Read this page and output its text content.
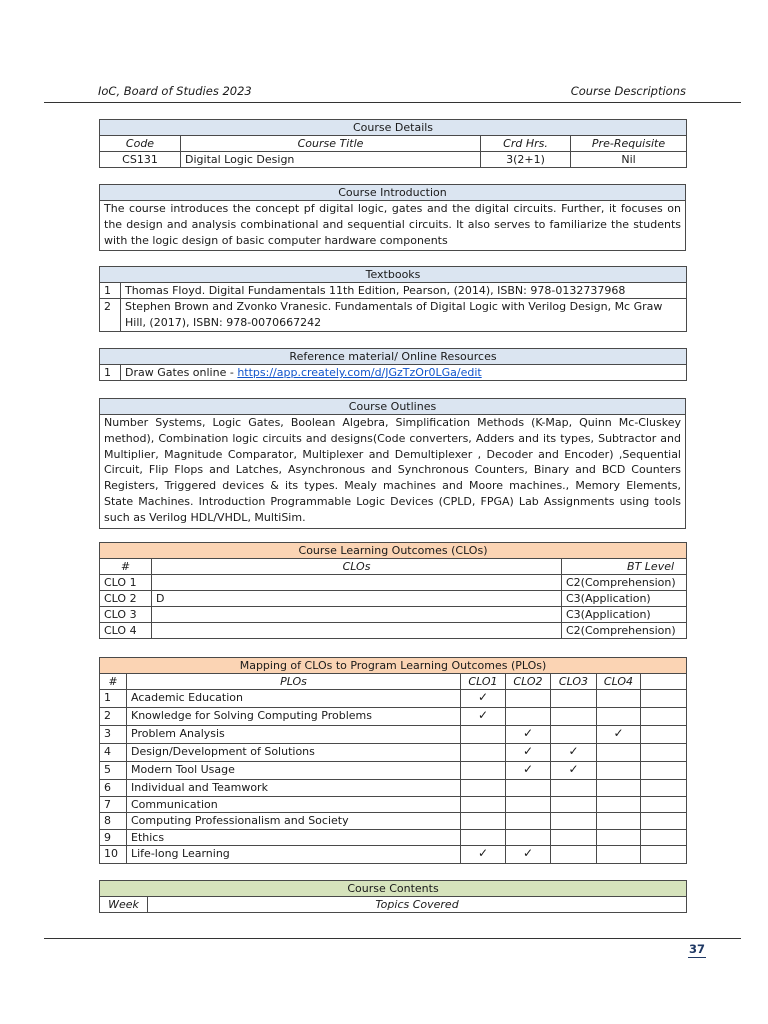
IoC, Board of Studies 2023	Course Descriptions
Course Details			
Code	Course Title	Crd Hrs.	Pre-Requisite
CS131	Digital Logic Design	3(2+1)	Nil
Course Introduction
The course introduces the concept pf digital logic, gates and the digital circuits. Further, it focuses on the design and analysis combinational and sequential circuits. It also serves to familiarize the students with the logic design of basic computer hardware components
Textbooks	
1	Thomas Floyd. Digital Fundamentals 11th Edition, Pearson, (2014), ISBN: 978-0132737968
2	Stephen Brown and Zvonko Vranesic. Fundamentals of Digital Logic with Verilog Design, Mc Graw Hill, (2017), ISBN: 978-0070667242
Reference material/ Online Resources
1	Draw Gates online - https://app.creately.com/d/JGzTzOr0LGa/edit
Course Outlines
Number Systems, Logic Gates, Boolean Algebra, Simplification Methods (K-Map, Quinn Mc-Cluskey method), Combination logic circuits and designs(Code converters, Adders and its types, Subtractor and Multiplier, Magnitude Comparator, Multiplexer and Demultiplexer , Decoder and Encoder) ,Sequential Circuit, Flip Flops and Latches, Asynchronous and Synchronous Counters, Binary and BCD Counters Registers, Triggered devices & its types. Mealy machines and Moore machines., Memory Elements, State Machines. Introduction Programmable Logic Devices (CPLD, FPGA) Lab Assignments using tools such as Verilog HDL/VHDL, MultiSim.
Course Learning Outcomes (CLOs)		
#	CLOs	BT Level
CLO 1		C2(Comprehension)
CLO 2	D	C3(Application)
CLO 3		C3(Application)
CLO 4		C2(Comprehension)
Mapping of CLOs to Program Learning Outcomes (PLOs)						
#	PLOs	CLO1	CLO2	CLO3	CLO4	
1	Academic Education	✓				
2	Knowledge for Solving Computing Problems	✓				
3	Problem Analysis		✓		✓	
4	Design/Development of Solutions		✓	✓		
5	Modern Tool Usage		✓	✓		
6	Individual and Teamwork					
7	Communication					
8	Computing Professionalism and Society					
9	Ethics					
10	Life-long Learning	✓	✓			
Course Contents
Week	Topics Covered
37
